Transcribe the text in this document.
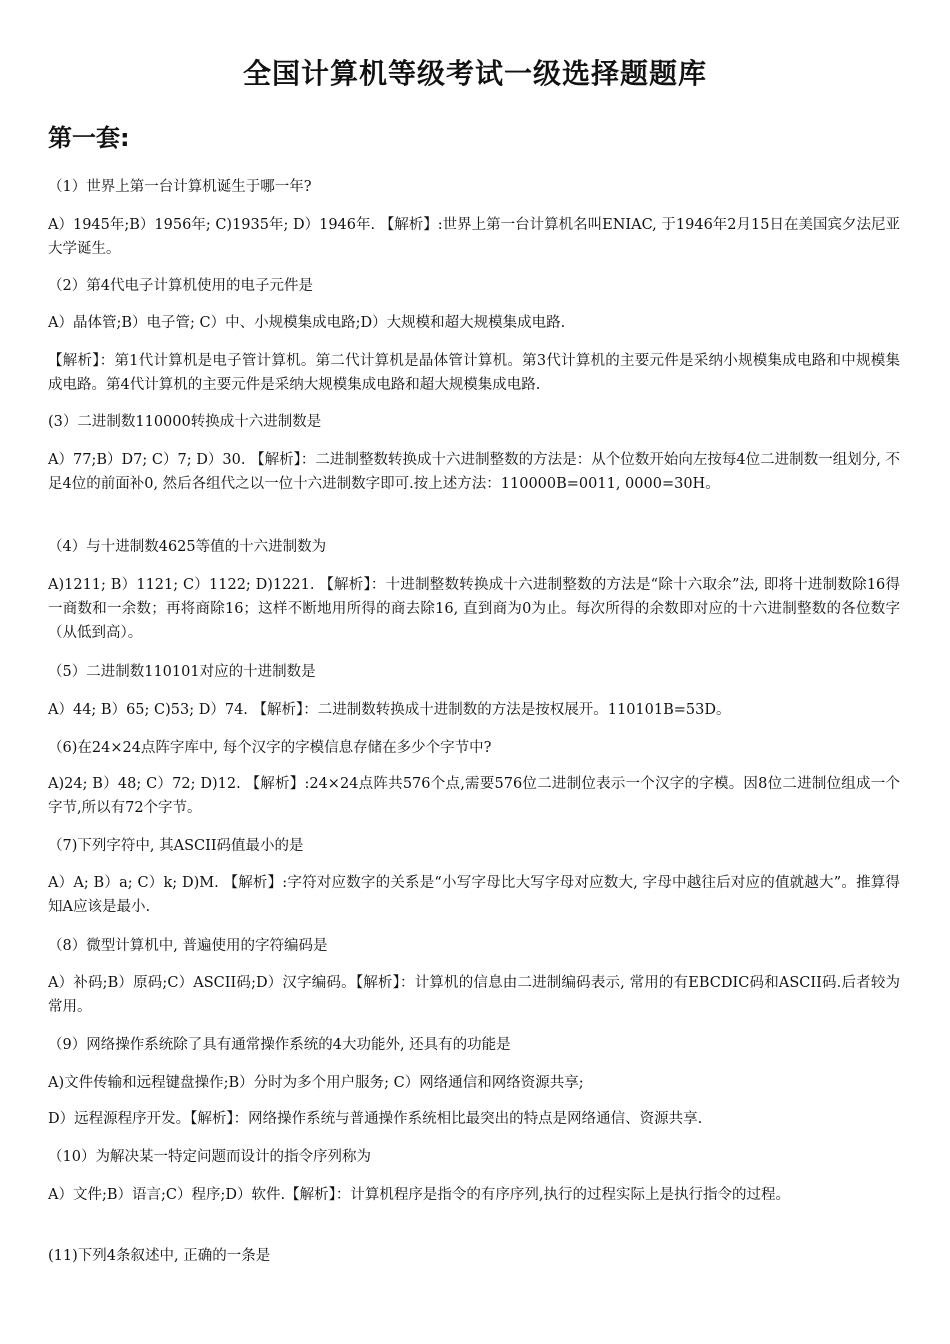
全国计算机等级考试一级选择题题库
第一套:
（1）世界上第一台计算机诞生于哪一年?
A）1945年;B）1956年; C)1935年; D）1946年. 【解析】:世界上第一台计算机名叫ENIAC, 于1946年2月15日在美国宾夕法尼亚大学诞生。
（2）第4代电子计算机使用的电子元件是
A）晶体管;B）电子管; C）中、小规模集成电路;D）大规模和超大规模集成电路.
【解析】：第1代计算机是电子管计算机。第二代计算机是晶体管计算机。第3代计算机的主要元件是采纳小规模集成电路和中规模集成电路。第4代计算机的主要元件是采纳大规模集成电路和超大规模集成电路.
(3）二进制数110000转换成十六进制数是
A）77;B）D7; C）7; D）30. 【解析】：二进制整数转换成十六进制整数的方法是：从个位数开始向左按每4位二进制数一组划分, 不足4位的前面补0, 然后各组代之以一位十六进制数字即可.按上述方法：110000B=0011, 0000=30H。
（4）与十进制数4625等值的十六进制数为
A)1211; B）1121; C）1122; D)1221. 【解析】：十进制整数转换成十六进制整数的方法是“除十六取余”法, 即将十进制数除16得一商数和一余数；再将商除16；这样不断地用所得的商去除16, 直到商为0为止。每次所得的余数即对应的十六进制整数的各位数字（从低到高）。
（5）二进制数110101对应的十进制数是
A）44; B）65; C)53; D）74. 【解析】：二进制数转换成十进制数的方法是按权展开。110101B=53D。
（6)在24×24点阵字库中, 每个汉字的字模信息存储在多少个字节中?
A)24; B）48; C）72; D)12. 【解析】:24×24点阵共576个点,需要576位二进制位表示一个汉字的字模。因8位二进制位组成一个字节,所以有72个字节。
（7)下列字符中, 其ASCII码值最小的是
A）A; B）a; C）k; D)M. 【解析】:字符对应数字的关系是“小写字母比大写字母对应数大, 字母中越往后对应的值就越大”。推算得知A应该是最小.
（8）微型计算机中, 普遍使用的字符编码是
A）补码;B）原码;C）ASCII码;D）汉字编码。【解析】：计算机的信息由二进制编码表示, 常用的有EBCDIC码和ASCII码.后者较为常用。
（9）网络操作系统除了具有通常操作系统的4大功能外, 还具有的功能是
A)文件传输和远程键盘操作;B）分时为多个用户服务; C）网络通信和网络资源共享;
D）远程源程序开发。【解析】：网络操作系统与普通操作系统相比最突出的特点是网络通信、资源共享.
（10）为解决某一特定问题而设计的指令序列称为
A）文件;B）语言;C）程序;D）软件.【解析】：计算机程序是指令的有序序列,执行的过程实际上是执行指令的过程。
(11)下列4条叙述中, 正确的一条是
